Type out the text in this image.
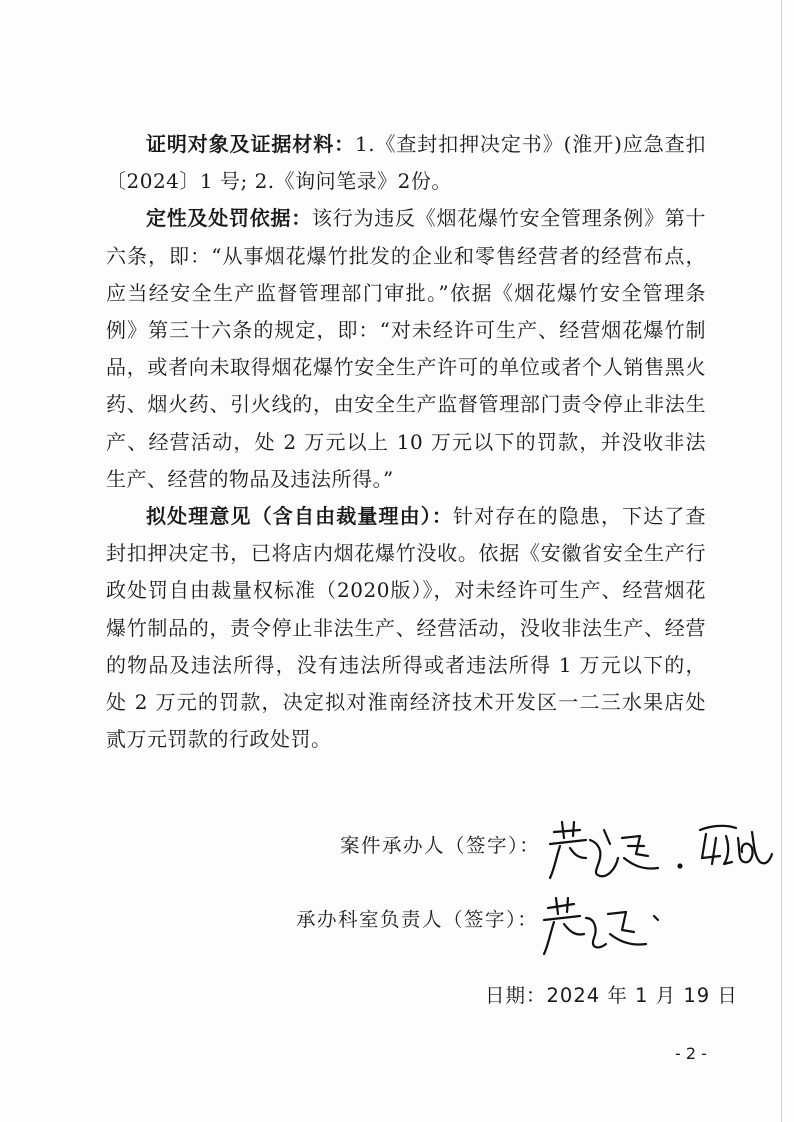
证明对象及证据材料：1.《查封扣押决定书》(淮开)应急查扣〔2024〕1 号; 2.《询问笔录》2份。

定性及处罚依据：该行为违反《烟花爆竹安全管理条例》第十六条，即：“从事烟花爆竹批发的企业和零售经营者的经营布点，应当经安全生产监督管理部门审批。”依据《烟花爆竹安全管理条例》第三十六条的规定，即：“对未经许可生产、经营烟花爆竹制品，或者向未取得烟花爆竹安全生产许可的单位或者个人销售黑火药、烟火药、引火线的，由安全生产监督管理部门责令停止非法生产、经营活动，处 2 万元以上 10 万元以下的罚款，并没收非法生产、经营的物品及违法所得。”

拟处理意见（含自由裁量理由）：针对存在的隐患，下达了查封扣押决定书，已将店内烟花爆竹没收。依据《安徽省安全生产行政处罚自由裁量权标准（2020版）》，对未经许可生产、经营烟花爆竹制品的，责令停止非法生产、经营活动，没收非法生产、经营的物品及违法所得，没有违法所得或者违法所得 1 万元以下的，处 2 万元的罚款，决定拟对淮南经济技术开发区一二三水果店处贰万元罚款的行政处罚。

案件承办人（签字）：
承办科室负责人（签字）：
日期：2024 年 1 月 19 日
- 2 -
